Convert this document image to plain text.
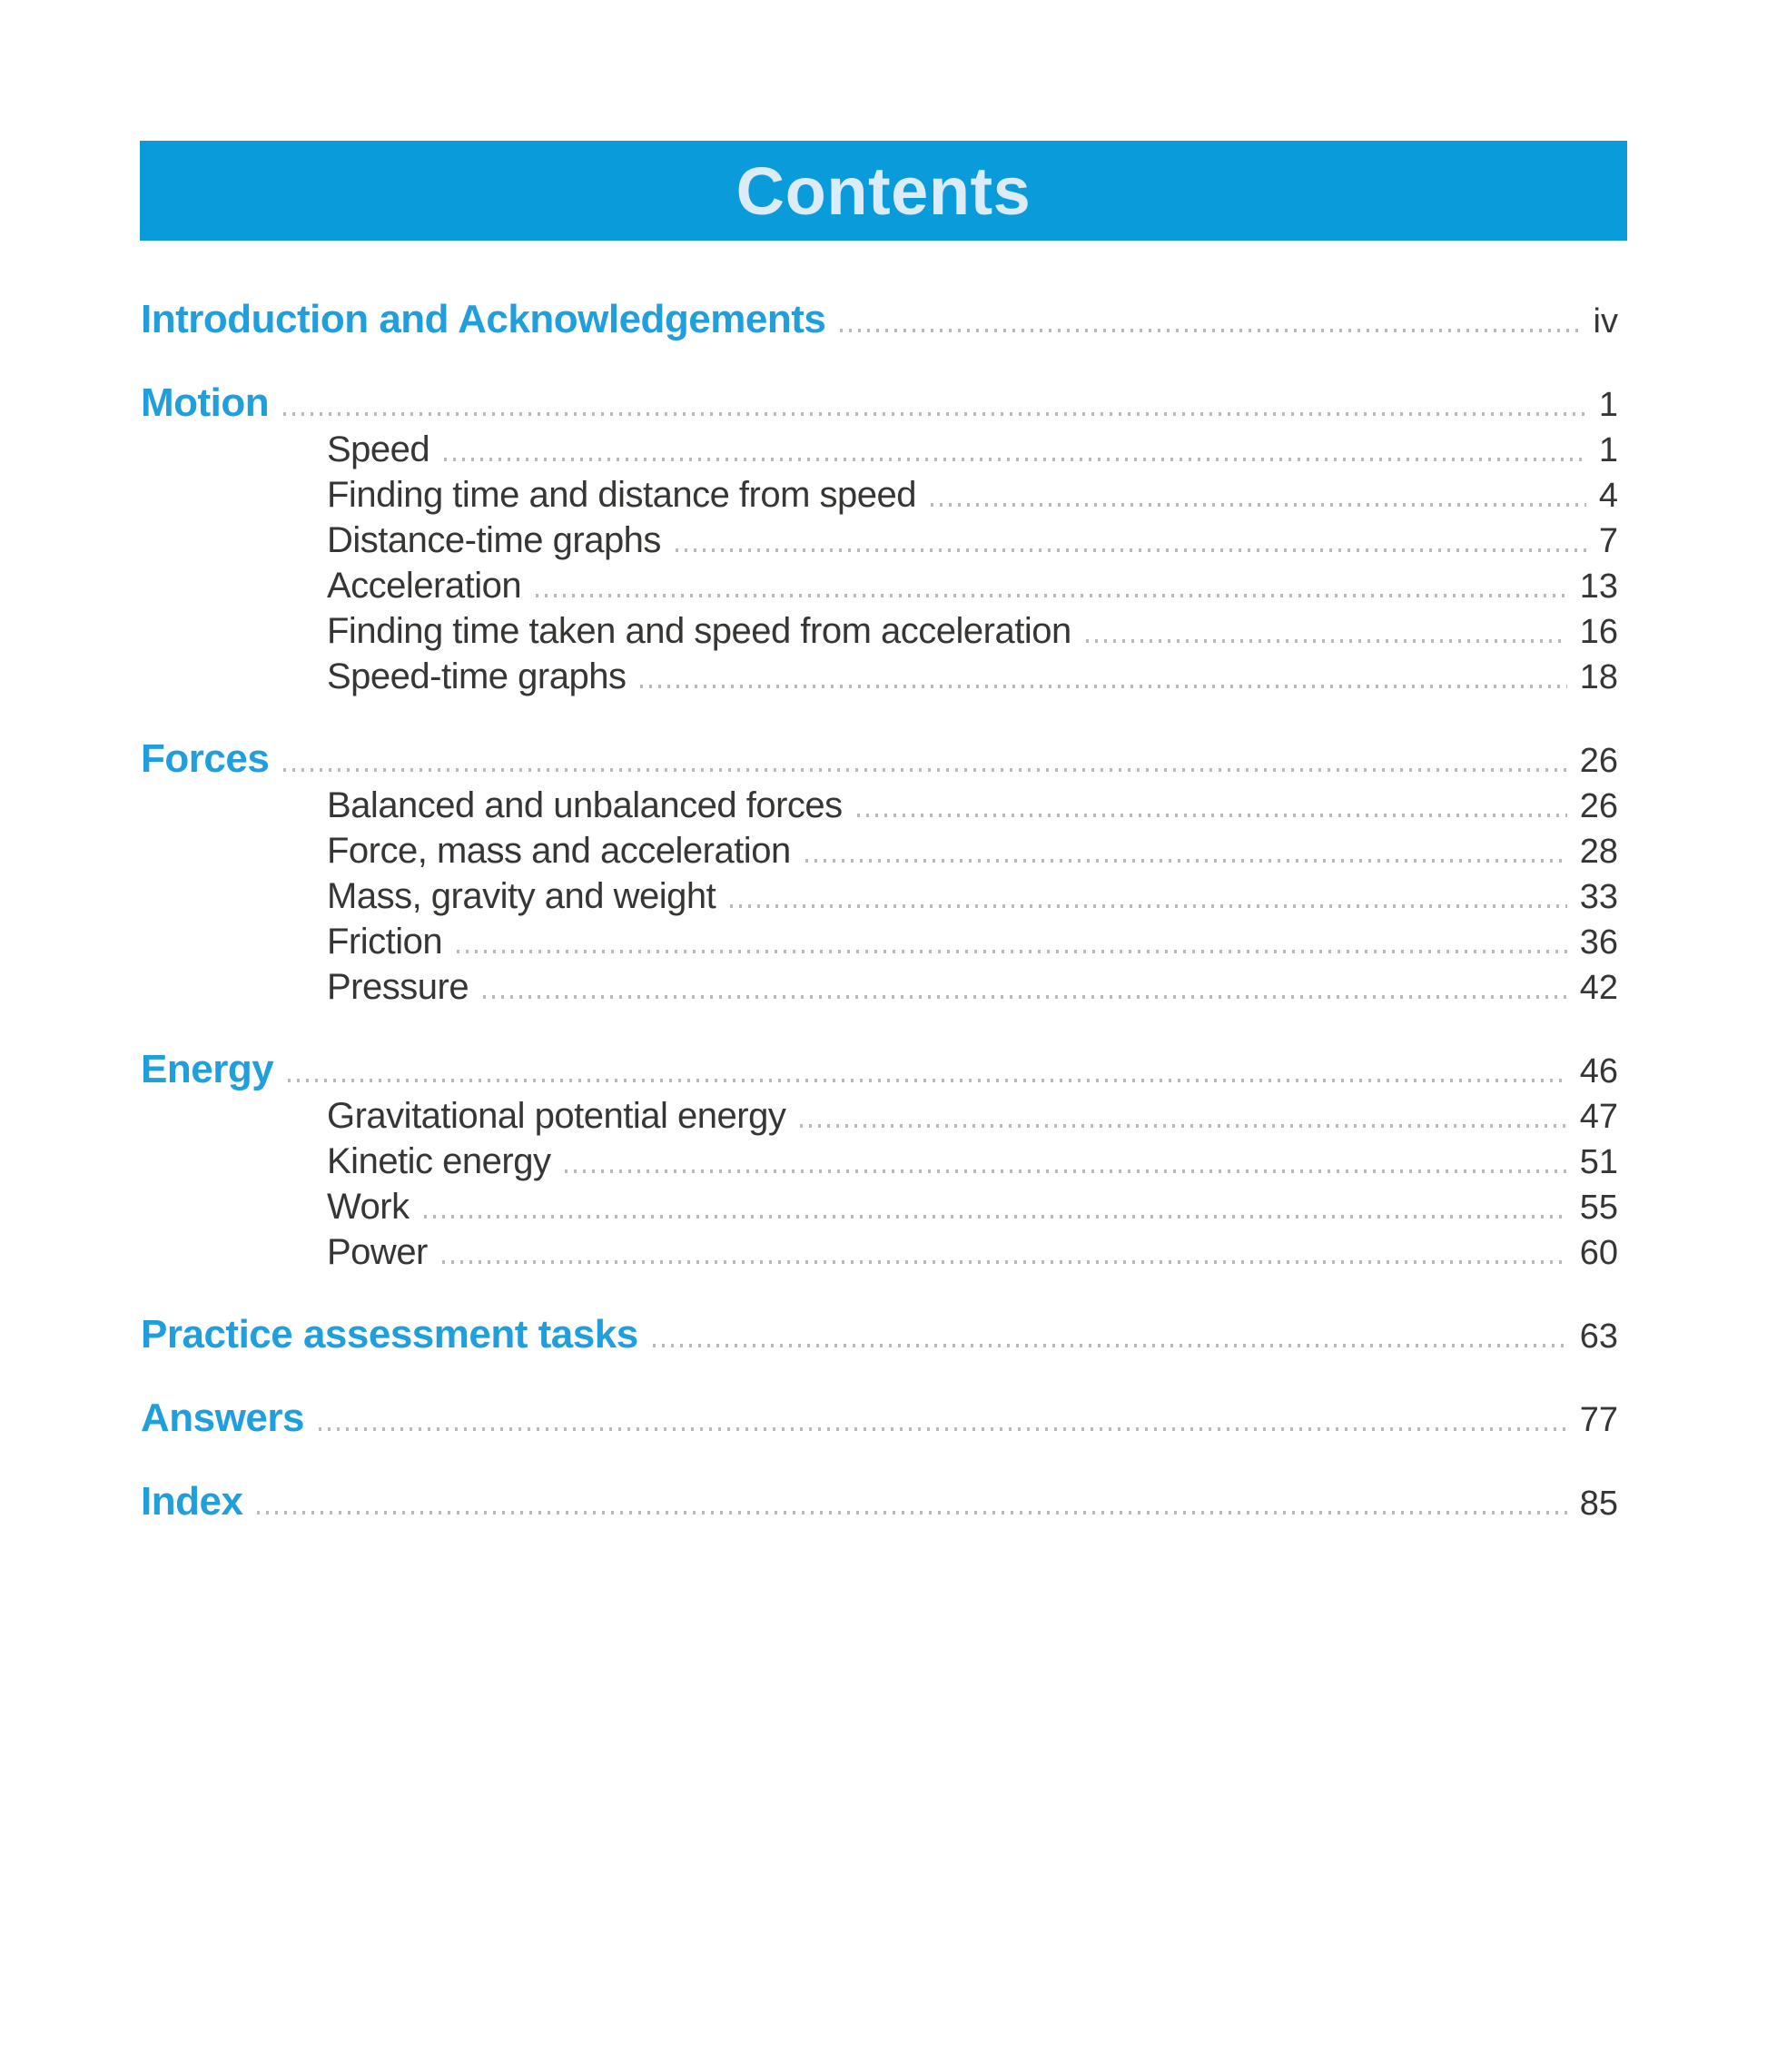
Contents
Introduction and Acknowledgements	iv
Motion	1
Speed	1
Finding time and distance from speed	4
Distance-time graphs	7
Acceleration	13
Finding time taken and speed from acceleration	16
Speed-time graphs	18
Forces	26
Balanced and unbalanced forces	26
Force, mass and acceleration	28
Mass, gravity and weight	33
Friction	36
Pressure	42
Energy	46
Gravitational potential energy	47
Kinetic energy	51
Work	55
Power	60
Practice assessment tasks	63
Answers	77
Index	85
